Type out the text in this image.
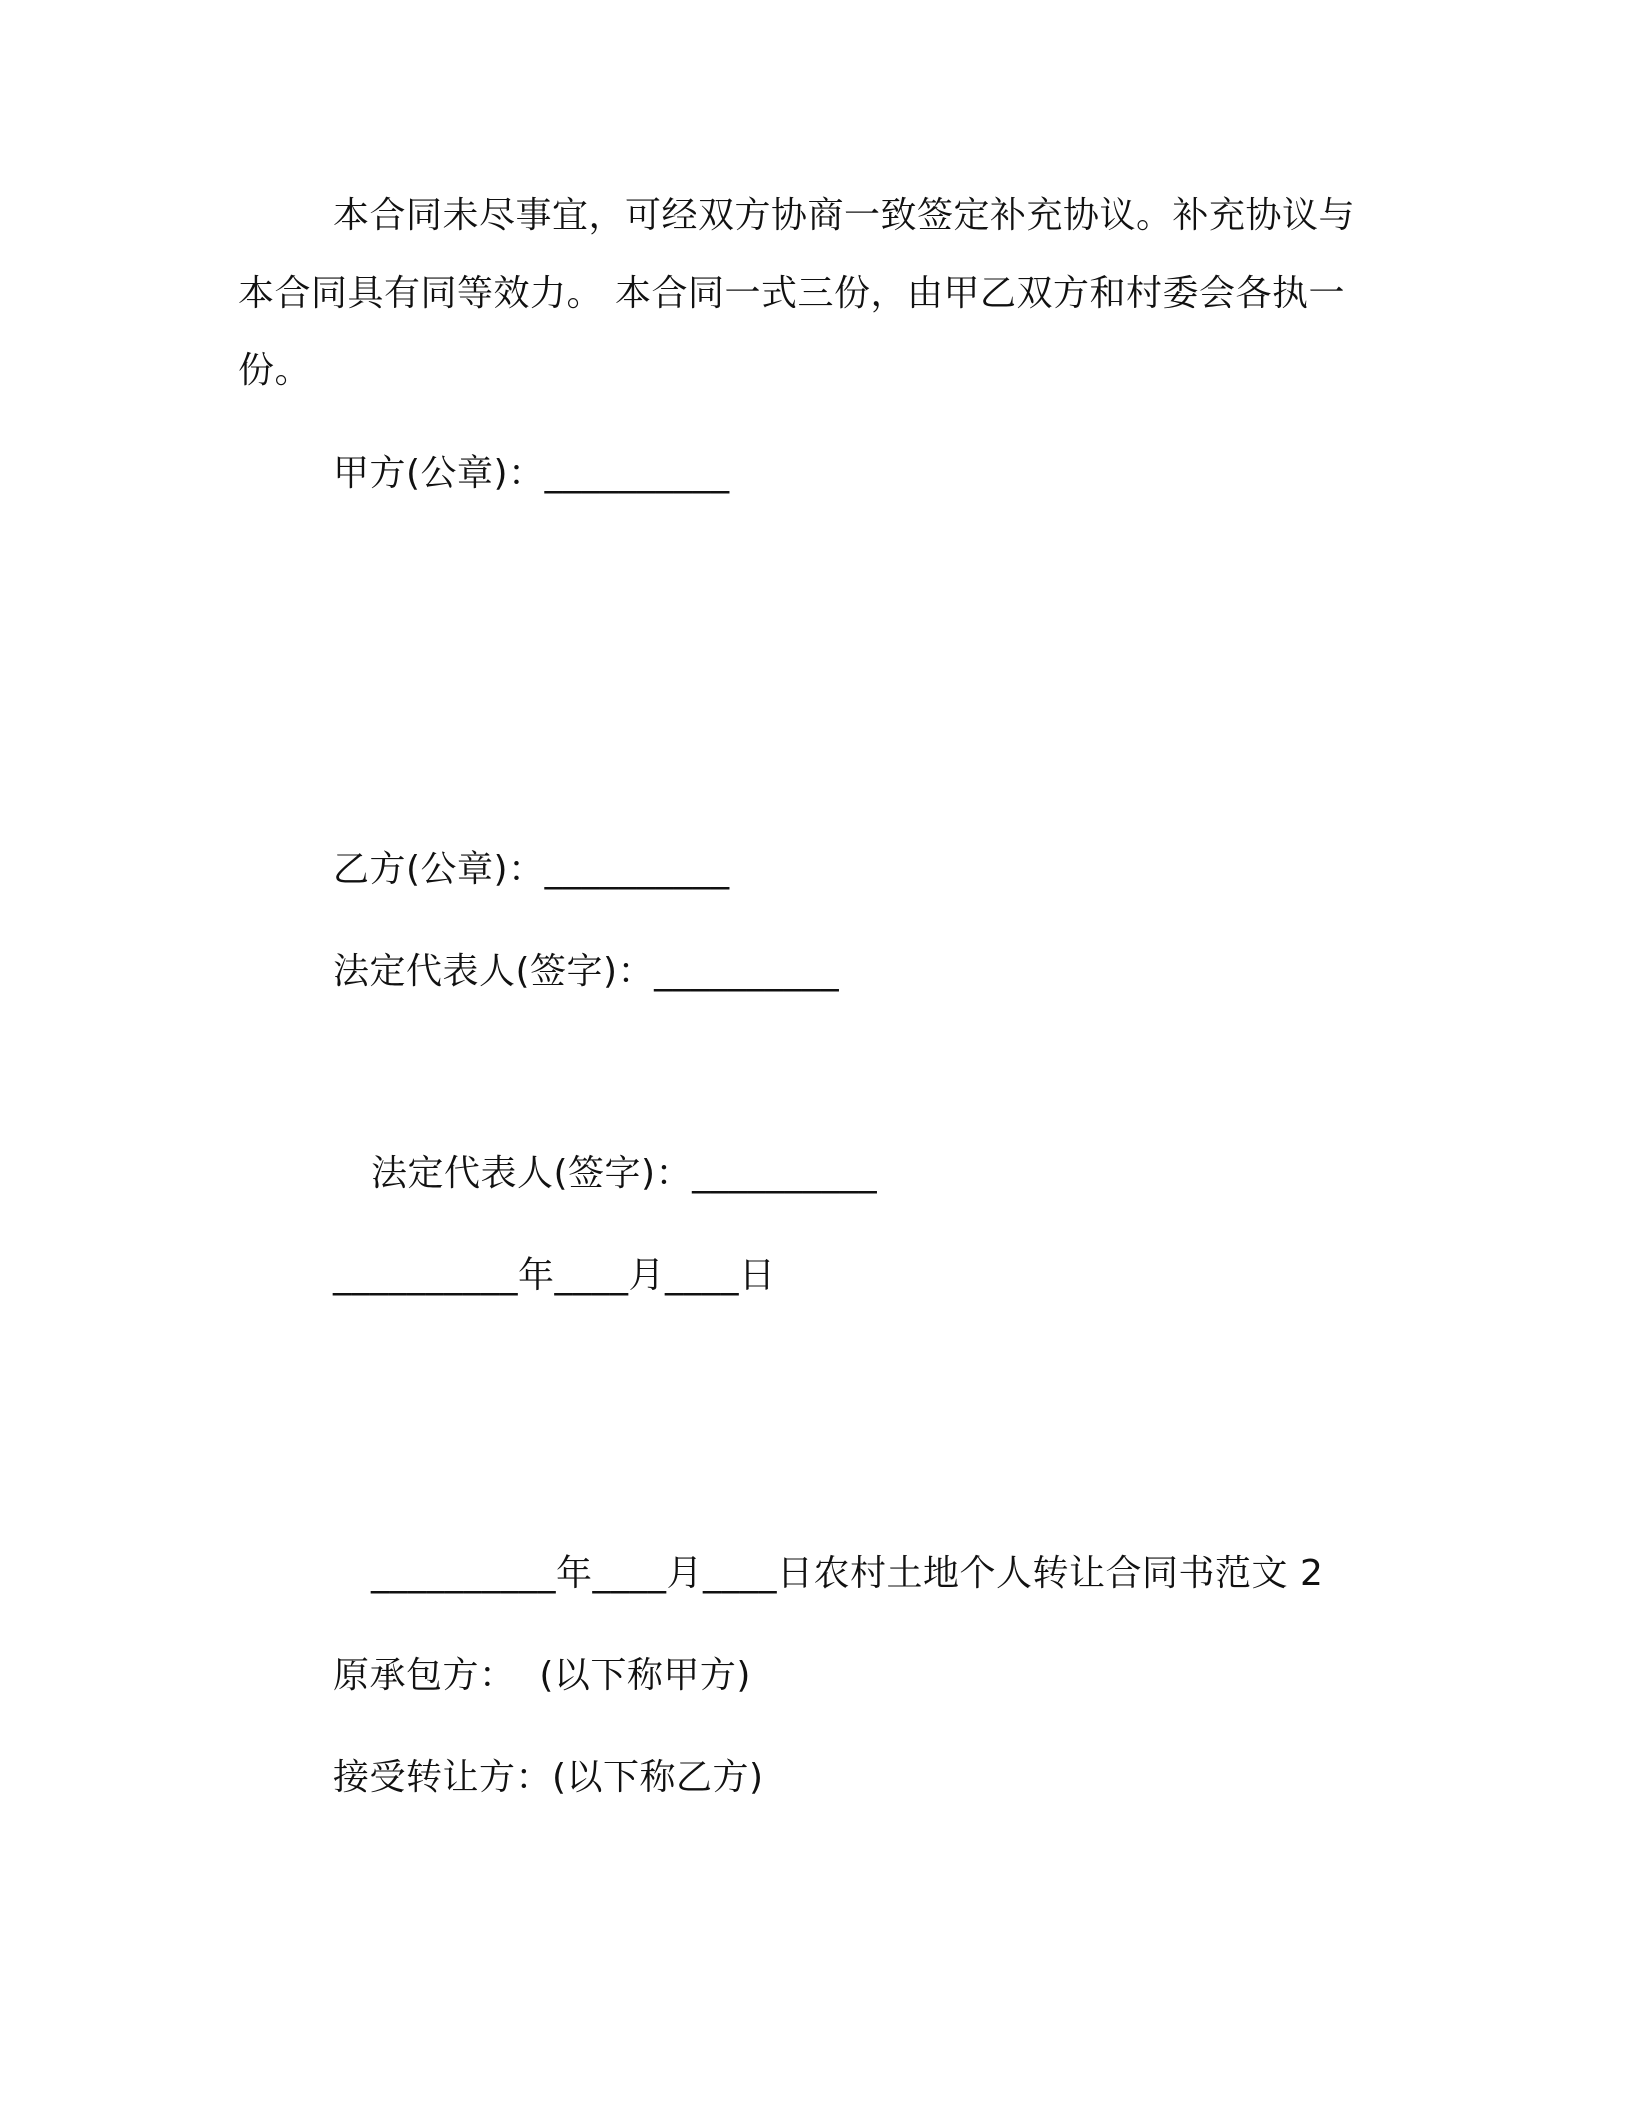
本合同未尽事宜，可经双方协商一致签定补充协议。补充协议与
本合同具有同等效力。 本合同一式三份，由甲乙双方和村委会各执一
份。
甲方(公章)：__________
乙方(公章)：__________
法定代表人(签字)：__________
法定代表人(签字)：__________
__________年____月____日
__________年____月____日农村土地个人转让合同书范文 2
原承包方：  (以下称甲方)
接受转让方：(以下称乙方)
